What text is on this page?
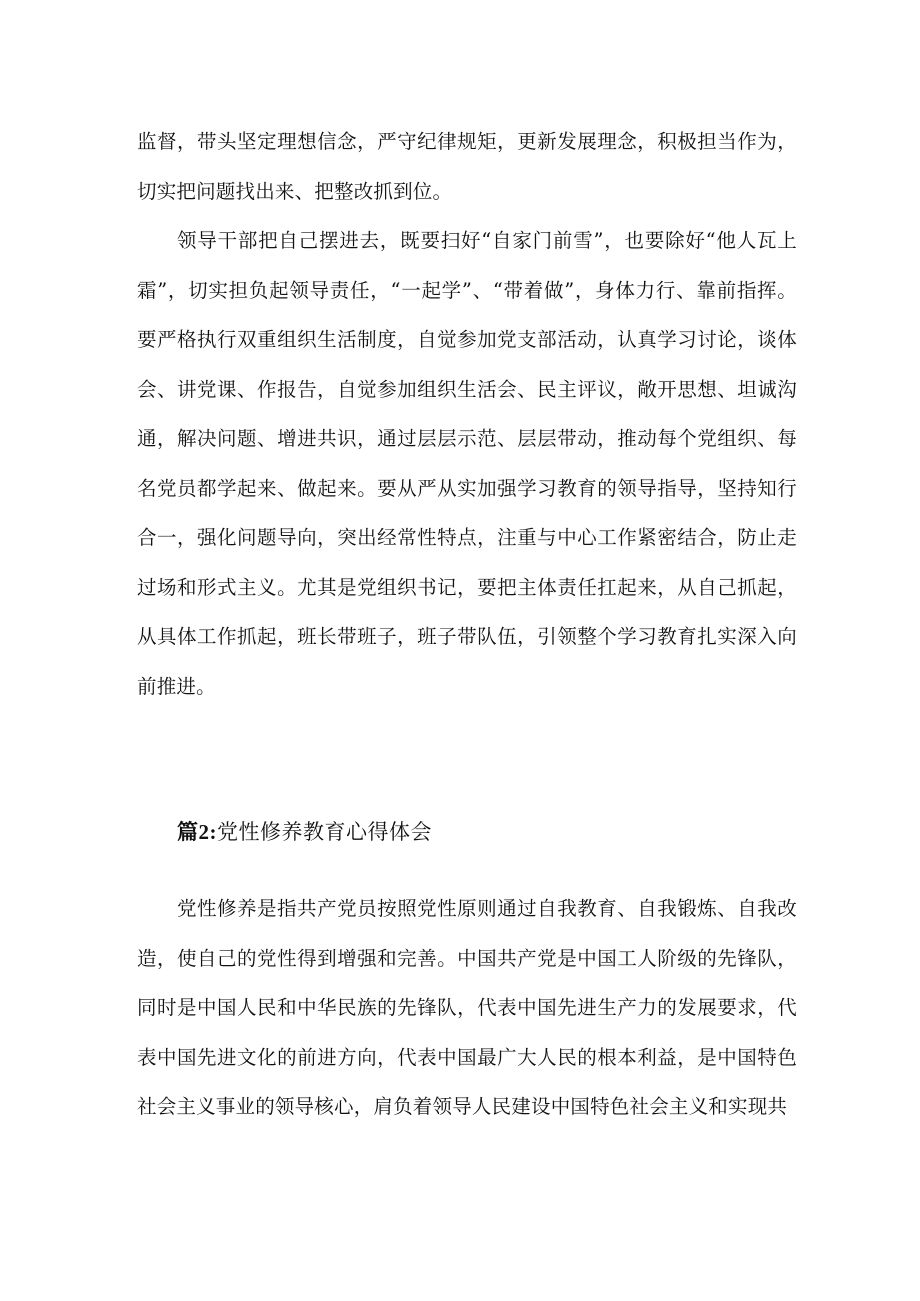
监督，带头坚定理想信念，严守纪律规矩，更新发展理念，积极担当作为，切实把问题找出来、把整改抓到位。

领导干部把自己摆进去，既要扫好“自家门前雪”，也要除好“他人瓦上霜”，切实担负起领导责任，“一起学”、“带着做”，身体力行、靠前指挥。要严格执行双重组织生活制度，自觉参加党支部活动，认真学习讨论，谈体会、讲党课、作报告，自觉参加组织生活会、民主评议，敞开思想、坦诚沟通，解决问题、增进共识，通过层层示范、层层带动，推动每个党组织、每名党员都学起来、做起来。要从严从实加强学习教育的领导指导，坚持知行合一，强化问题导向，突出经常性特点，注重与中心工作紧密结合，防止走过场和形式主义。尤其是党组织书记，要把主体责任扛起来，从自己抓起，从具体工作抓起，班长带班子，班子带队伍，引领整个学习教育扎实深入向前推进。

篇2:党性修养教育心得体会

党性修养是指共产党员按照党性原则通过自我教育、自我锻炼、自我改造，使自己的党性得到增强和完善。中国共产党是中国工人阶级的先锋队，同时是中国人民和中华民族的先锋队，代表中国先进生产力的发展要求，代表中国先进文化的前进方向，代表中国最广大人民的根本利益，是中国特色社会主义事业的领导核心，肩负着领导人民建设中国特色社会主义和实现共
